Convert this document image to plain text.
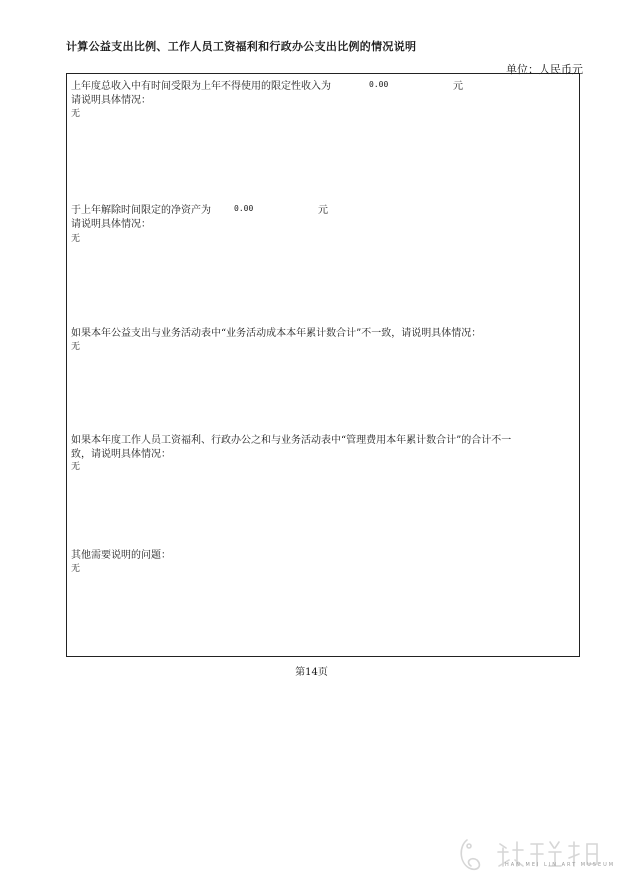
计算公益支出比例、工作人员工资福利和行政办公支出比例的情况说明
单位：人民币元
上年度总收入中有时间受限为上年不得使用的限定性收入为	0.00	元
请说明具体情况：
无
于上年解除时间限定的净资产为	0.00	元
请说明具体情况：
无
如果本年公益支出与业务活动表中“业务活动成本本年累计数合计”不一致，请说明具体情况：
无
如果本年度工作人员工资福利、行政办公之和与业务活动表中“管理费用本年累计数合计”的合计不一
致，请说明具体情况：
无
其他需要说明的问题：
无
第14页
HAN MEI LIN ART MUSEUM
